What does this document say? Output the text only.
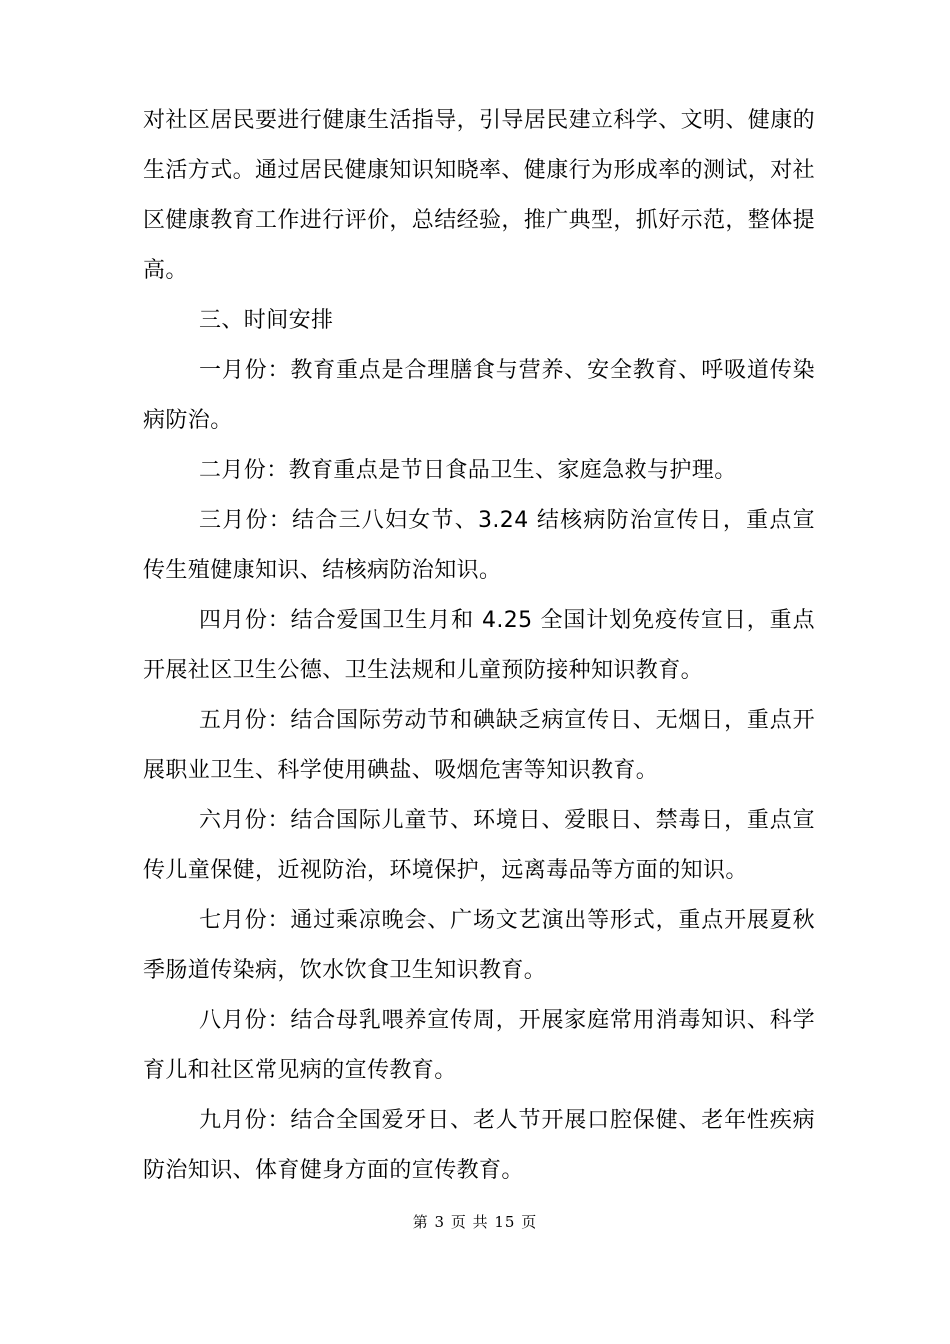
对社区居民要进行健康生活指导，引导居民建立科学、文明、健康的生活方式。通过居民健康知识知晓率、健康行为形成率的测试，对社区健康教育工作进行评价，总结经验，推广典型，抓好示范，整体提高。

三、时间安排

一月份：教育重点是合理膳食与营养、安全教育、呼吸道传染病防治。

二月份：教育重点是节日食品卫生、家庭急救与护理。

三月份：结合三八妇女节、3.24 结核病防治宣传日，重点宣传生殖健康知识、结核病防治知识。

四月份：结合爱国卫生月和 4.25 全国计划免疫传宣日，重点开展社区卫生公德、卫生法规和儿童预防接种知识教育。

五月份：结合国际劳动节和碘缺乏病宣传日、无烟日，重点开展职业卫生、科学使用碘盐、吸烟危害等知识教育。

六月份：结合国际儿童节、环境日、爱眼日、禁毒日，重点宣传儿童保健，近视防治，环境保护，远离毒品等方面的知识。

七月份：通过乘凉晚会、广场文艺演出等形式，重点开展夏秋季肠道传染病，饮水饮食卫生知识教育。

八月份：结合母乳喂养宣传周，开展家庭常用消毒知识、科学育儿和社区常见病的宣传教育。

九月份：结合全国爱牙日、老人节开展口腔保健、老年性疾病防治知识、体育健身方面的宣传教育。

第 3 页 共 15 页
